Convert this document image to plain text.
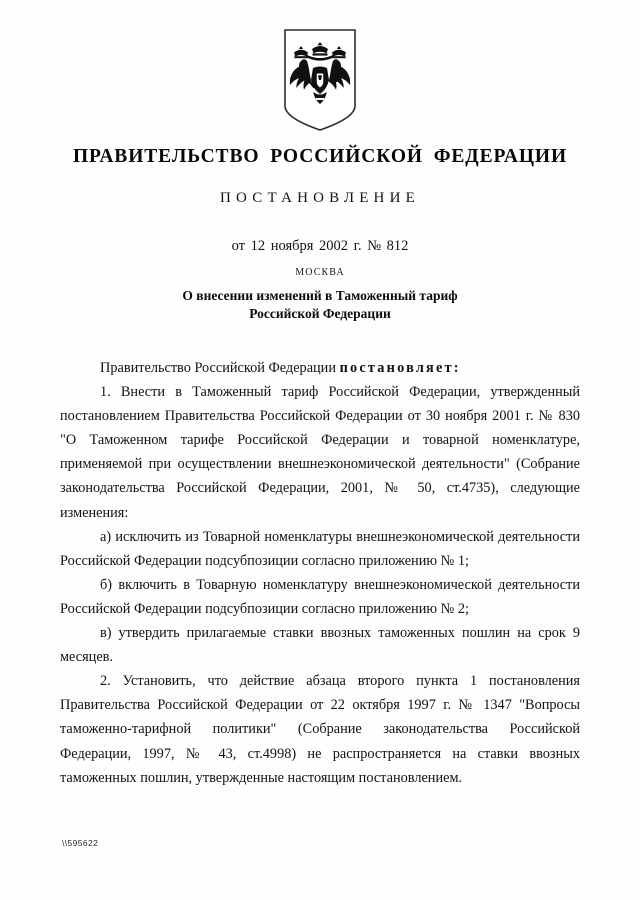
ПРАВИТЕЛЬСТВО РОССИЙСКОЙ ФЕДЕРАЦИИ
ПОСТАНОВЛЕНИЕ
от 12 ноября 2002 г. № 812
МОСКВА
О внесении изменений в Таможенный тариф
Российской Федерации

Правительство Российской Федерации постановляет:

1. Внести в Таможенный тариф Российской Федерации, утвержденный постановлением Правительства Российской Федерации от 30 ноября 2001 г. № 830 "О Таможенном тарифе Российской Федерации и товарной номенклатуре, применяемой при осуществлении внешнеэкономической деятельности" (Собрание законодательства Российской Федерации, 2001, № 50, ст.4735), следующие изменения:

а) исключить из Товарной номенклатуры внешнеэкономической деятельности Российской Федерации подсубпозиции согласно приложению № 1;

б) включить в Товарную номенклатуру внешнеэкономической деятельности Российской Федерации подсубпозиции согласно приложению № 2;

в) утвердить прилагаемые ставки ввозных таможенных пошлин на срок 9 месяцев.

2. Установить, что действие абзаца второго пункта 1 постановления Правительства Российской Федерации от 22 октября 1997 г. № 1347 "Вопросы таможенно-тарифной политики" (Собрание законодательства Российской Федерации, 1997, № 43, ст.4998) не распространяется на ставки ввозных таможенных пошлин, утвержденные настоящим постановлением.

\\595622
